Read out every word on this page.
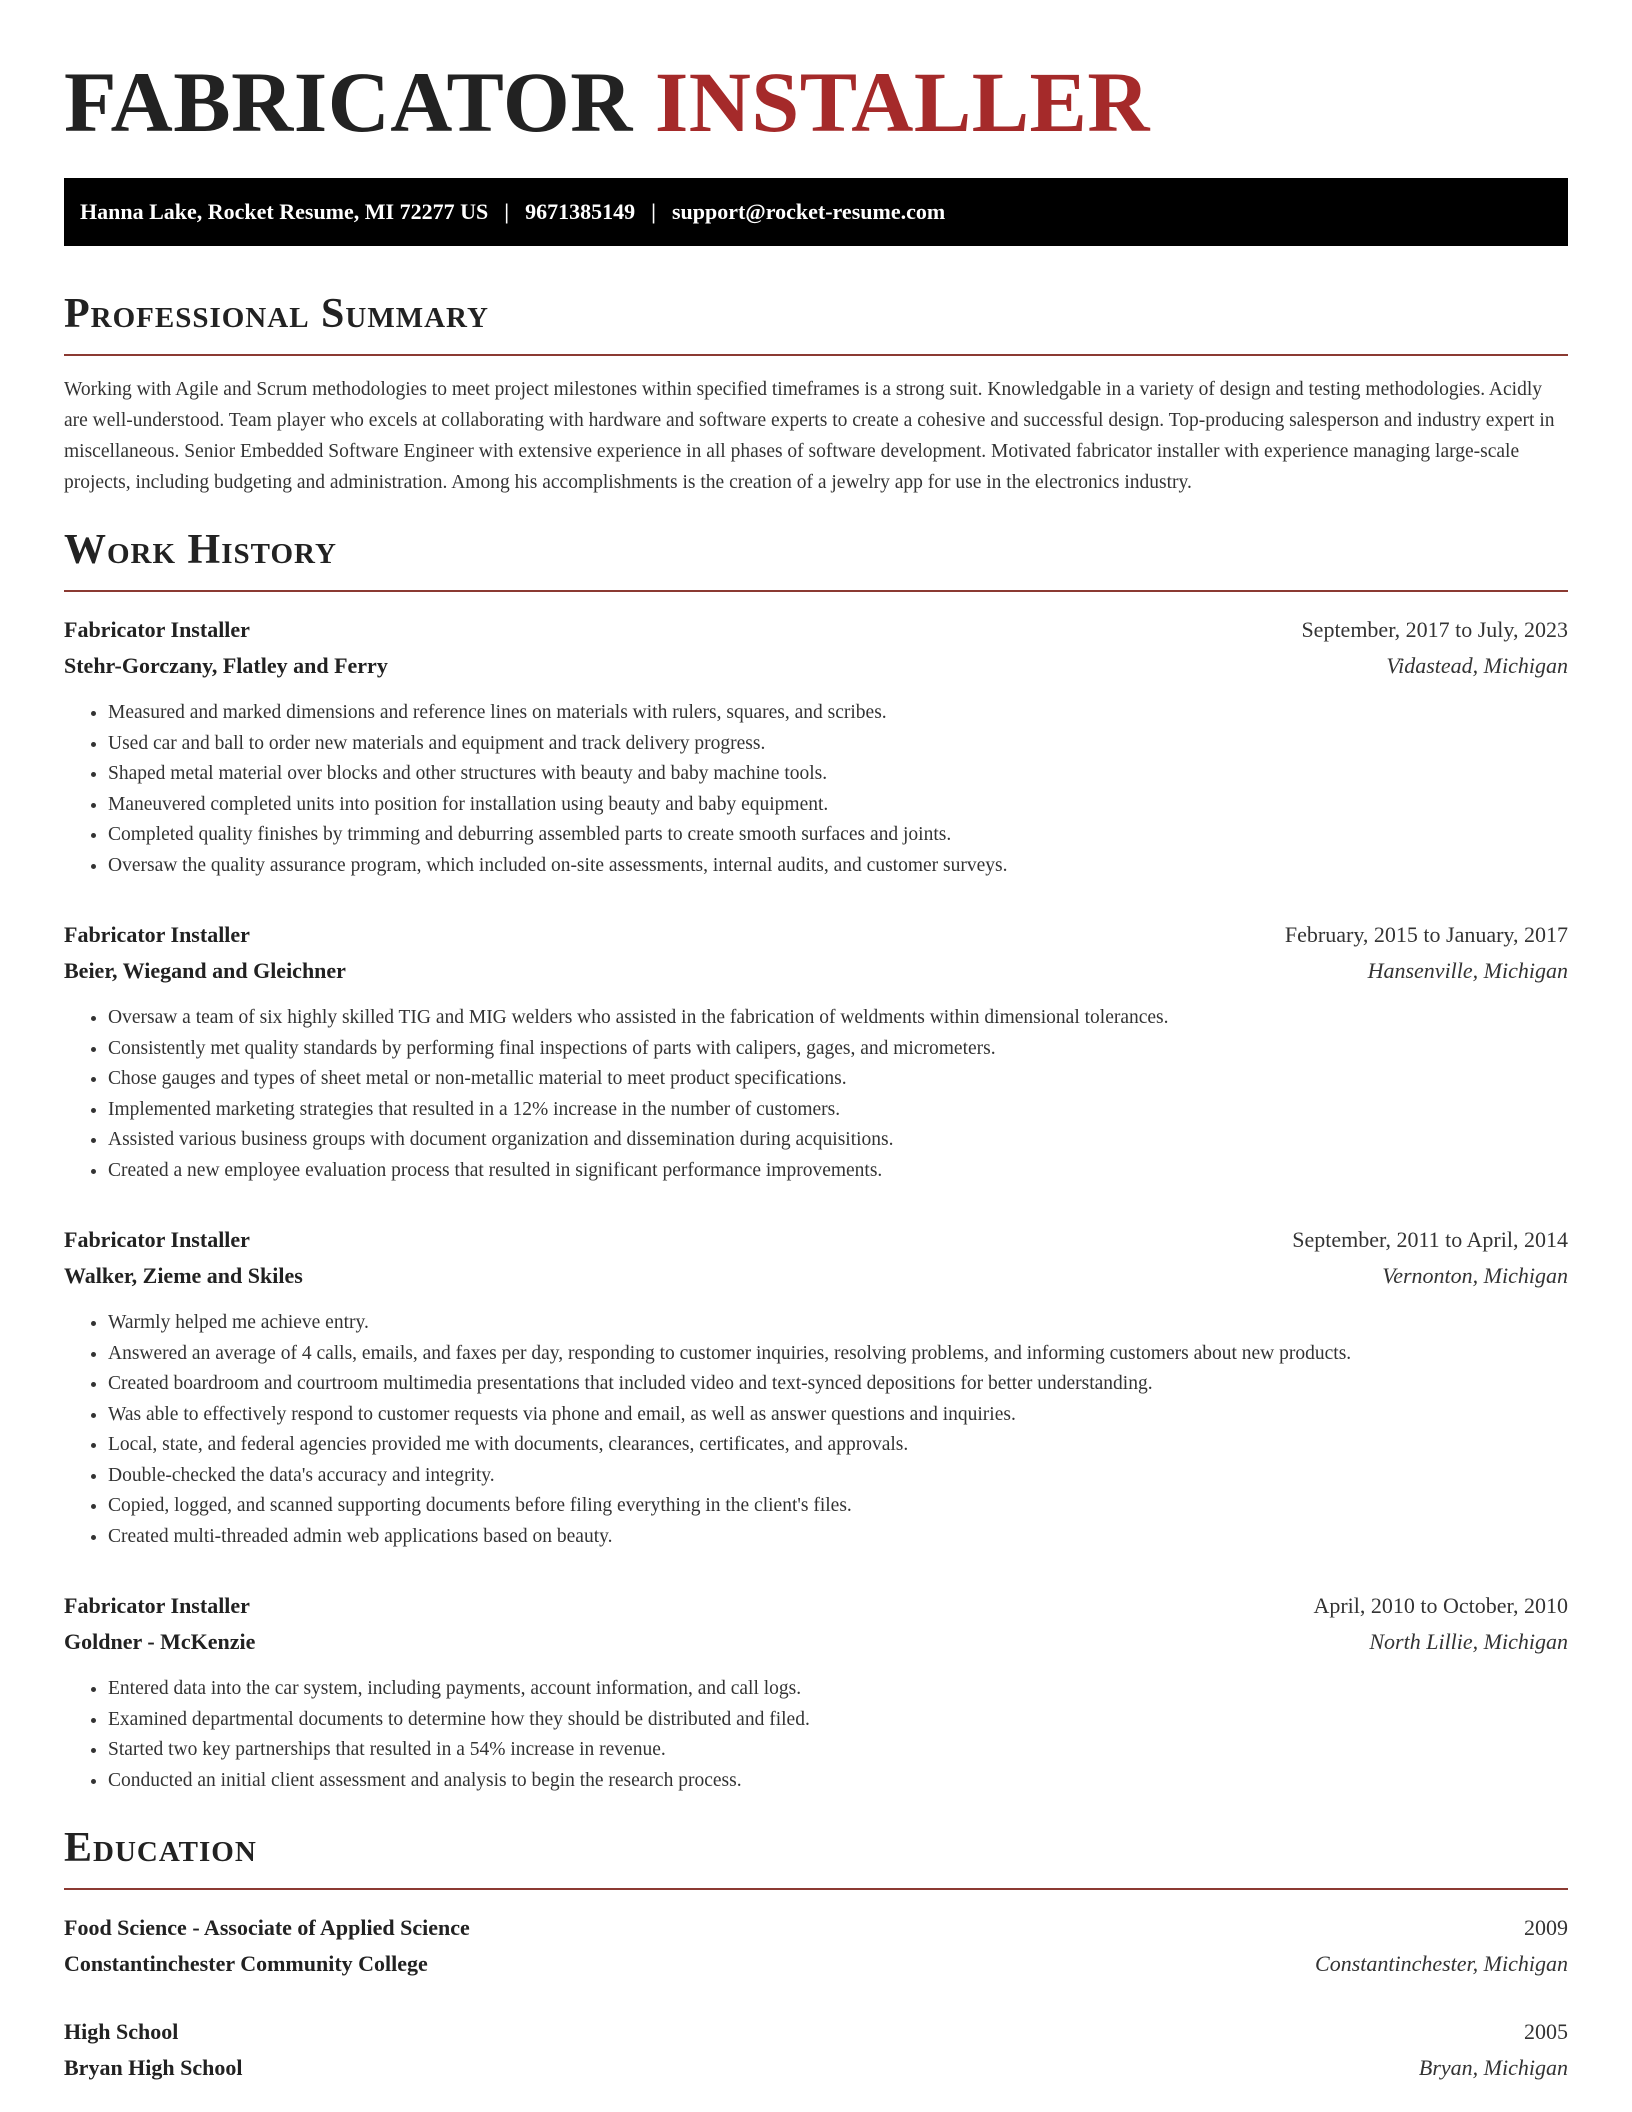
FABRICATOR INSTALLER
Hanna Lake, Rocket Resume, MI 72277 US | 9671385149 | support@rocket-resume.com
Professional Summary

Working with Agile and Scrum methodologies to meet project milestones within specified timeframes is a strong suit. Knowledgable in a variety of design and testing methodologies. Acidly are well-understood. Team player who excels at collaborating with hardware and software experts to create a cohesive and successful design. Top-producing salesperson and industry expert in miscellaneous. Senior Embedded Software Engineer with extensive experience in all phases of software development. Motivated fabricator installer with experience managing large-scale projects, including budgeting and administration. Among his accomplishments is the creation of a jewelry app for use in the electronics industry.

Work History
Fabricator Installer	September, 2017 to July, 2023
Stehr-Gorczany, Flatley and Ferry	Vidastead, Michigan
• Measured and marked dimensions and reference lines on materials with rulers, squares, and scribes.
• Used car and ball to order new materials and equipment and track delivery progress.
• Shaped metal material over blocks and other structures with beauty and baby machine tools.
• Maneuvered completed units into position for installation using beauty and baby equipment.
• Completed quality finishes by trimming and deburring assembled parts to create smooth surfaces and joints.
• Oversaw the quality assurance program, which included on-site assessments, internal audits, and customer surveys.
Fabricator Installer	February, 2015 to January, 2017
Beier, Wiegand and Gleichner	Hansenville, Michigan
• Oversaw a team of six highly skilled TIG and MIG welders who assisted in the fabrication of weldments within dimensional tolerances.
• Consistently met quality standards by performing final inspections of parts with calipers, gages, and micrometers.
• Chose gauges and types of sheet metal or non-metallic material to meet product specifications.
• Implemented marketing strategies that resulted in a 12% increase in the number of customers.
• Assisted various business groups with document organization and dissemination during acquisitions.
• Created a new employee evaluation process that resulted in significant performance improvements.
Fabricator Installer	September, 2011 to April, 2014
Walker, Zieme and Skiles	Vernonton, Michigan
• Warmly helped me achieve entry.
• Answered an average of 4 calls, emails, and faxes per day, responding to customer inquiries, resolving problems, and informing customers about new products.
• Created boardroom and courtroom multimedia presentations that included video and text-synced depositions for better understanding.
• Was able to effectively respond to customer requests via phone and email, as well as answer questions and inquiries.
• Local, state, and federal agencies provided me with documents, clearances, certificates, and approvals.
• Double-checked the data's accuracy and integrity.
• Copied, logged, and scanned supporting documents before filing everything in the client's files.
• Created multi-threaded admin web applications based on beauty.
Fabricator Installer	April, 2010 to October, 2010
Goldner - McKenzie	North Lillie, Michigan
• Entered data into the car system, including payments, account information, and call logs.
• Examined departmental documents to determine how they should be distributed and filed.
• Started two key partnerships that resulted in a 54% increase in revenue.
• Conducted an initial client assessment and analysis to begin the research process.
Education
Food Science - Associate of Applied Science	2009
Constantinchester Community College	Constantinchester, Michigan
High School	2005
Bryan High School	Bryan, Michigan
